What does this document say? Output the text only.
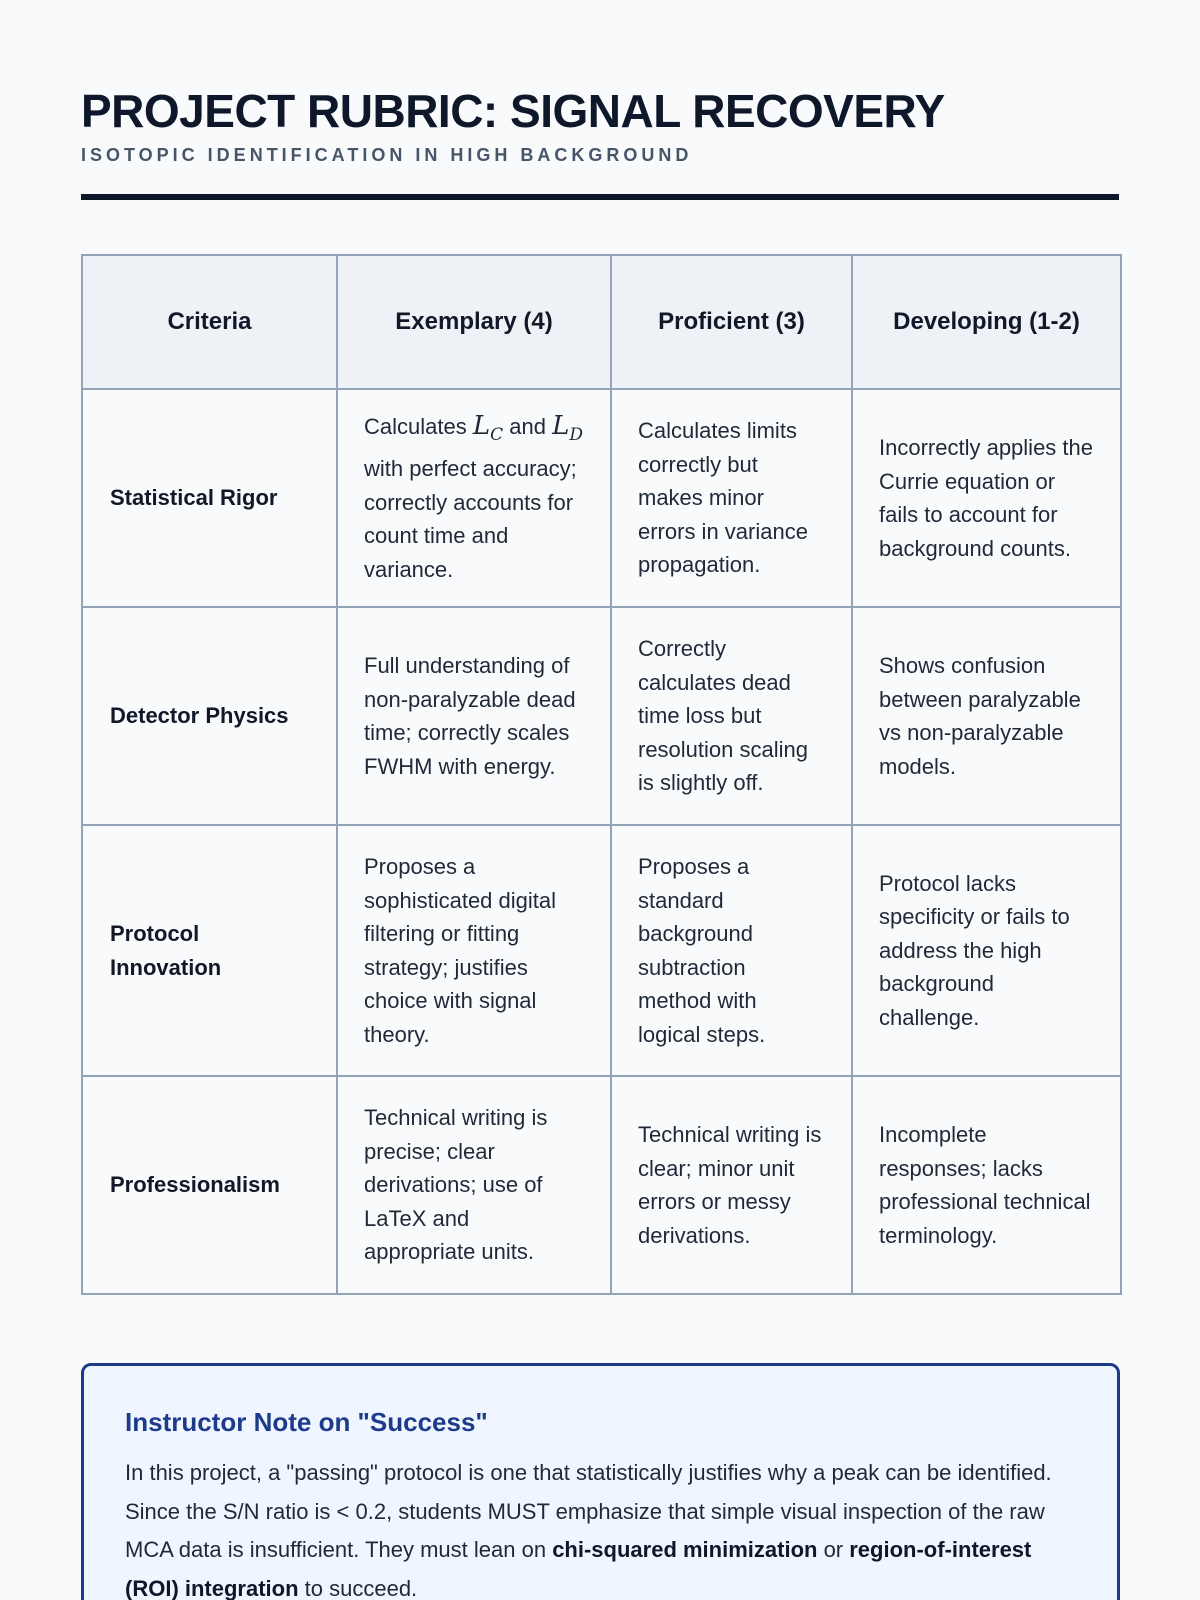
PROJECT RUBRIC: SIGNAL RECOVERY
ISOTOPIC IDENTIFICATION IN HIGH BACKGROUND
Criteria	Exemplary (4)	Proficient (3)	Developing (1-2)
Statistical Rigor	Calculates $L_C$ and $L_D$ with perfect accuracy; correctly accounts for count time and variance.	Calculates limits correctly but makes minor errors in variance propagation.	Incorrectly applies the Currie equation or fails to account for background counts.
Detector Physics	Full understanding of non-paralyzable dead time; correctly scales FWHM with energy.	Correctly calculates dead time loss but resolution scaling is slightly off.	Shows confusion between paralyzable vs non-paralyzable models.
Protocol Innovation	Proposes a sophisticated digital filtering or fitting strategy; justifies choice with signal theory.	Proposes a standard background subtraction method with logical steps.	Protocol lacks specificity or fails to address the high background challenge.
Professionalism	Technical writing is precise; clear derivations; use of LaTeX and appropriate units.	Technical writing is clear; minor unit errors or messy derivations.	Incomplete responses; lacks professional technical terminology.
Instructor Note on "Success"
In this project, a "passing" protocol is one that statistically justifies why a peak can be identified. Since the S/N ratio is < 0.2, students MUST emphasize that simple visual inspection of the raw MCA data is insufficient. They must lean on chi-squared minimization or region-of-interest (ROI) integration to succeed.
